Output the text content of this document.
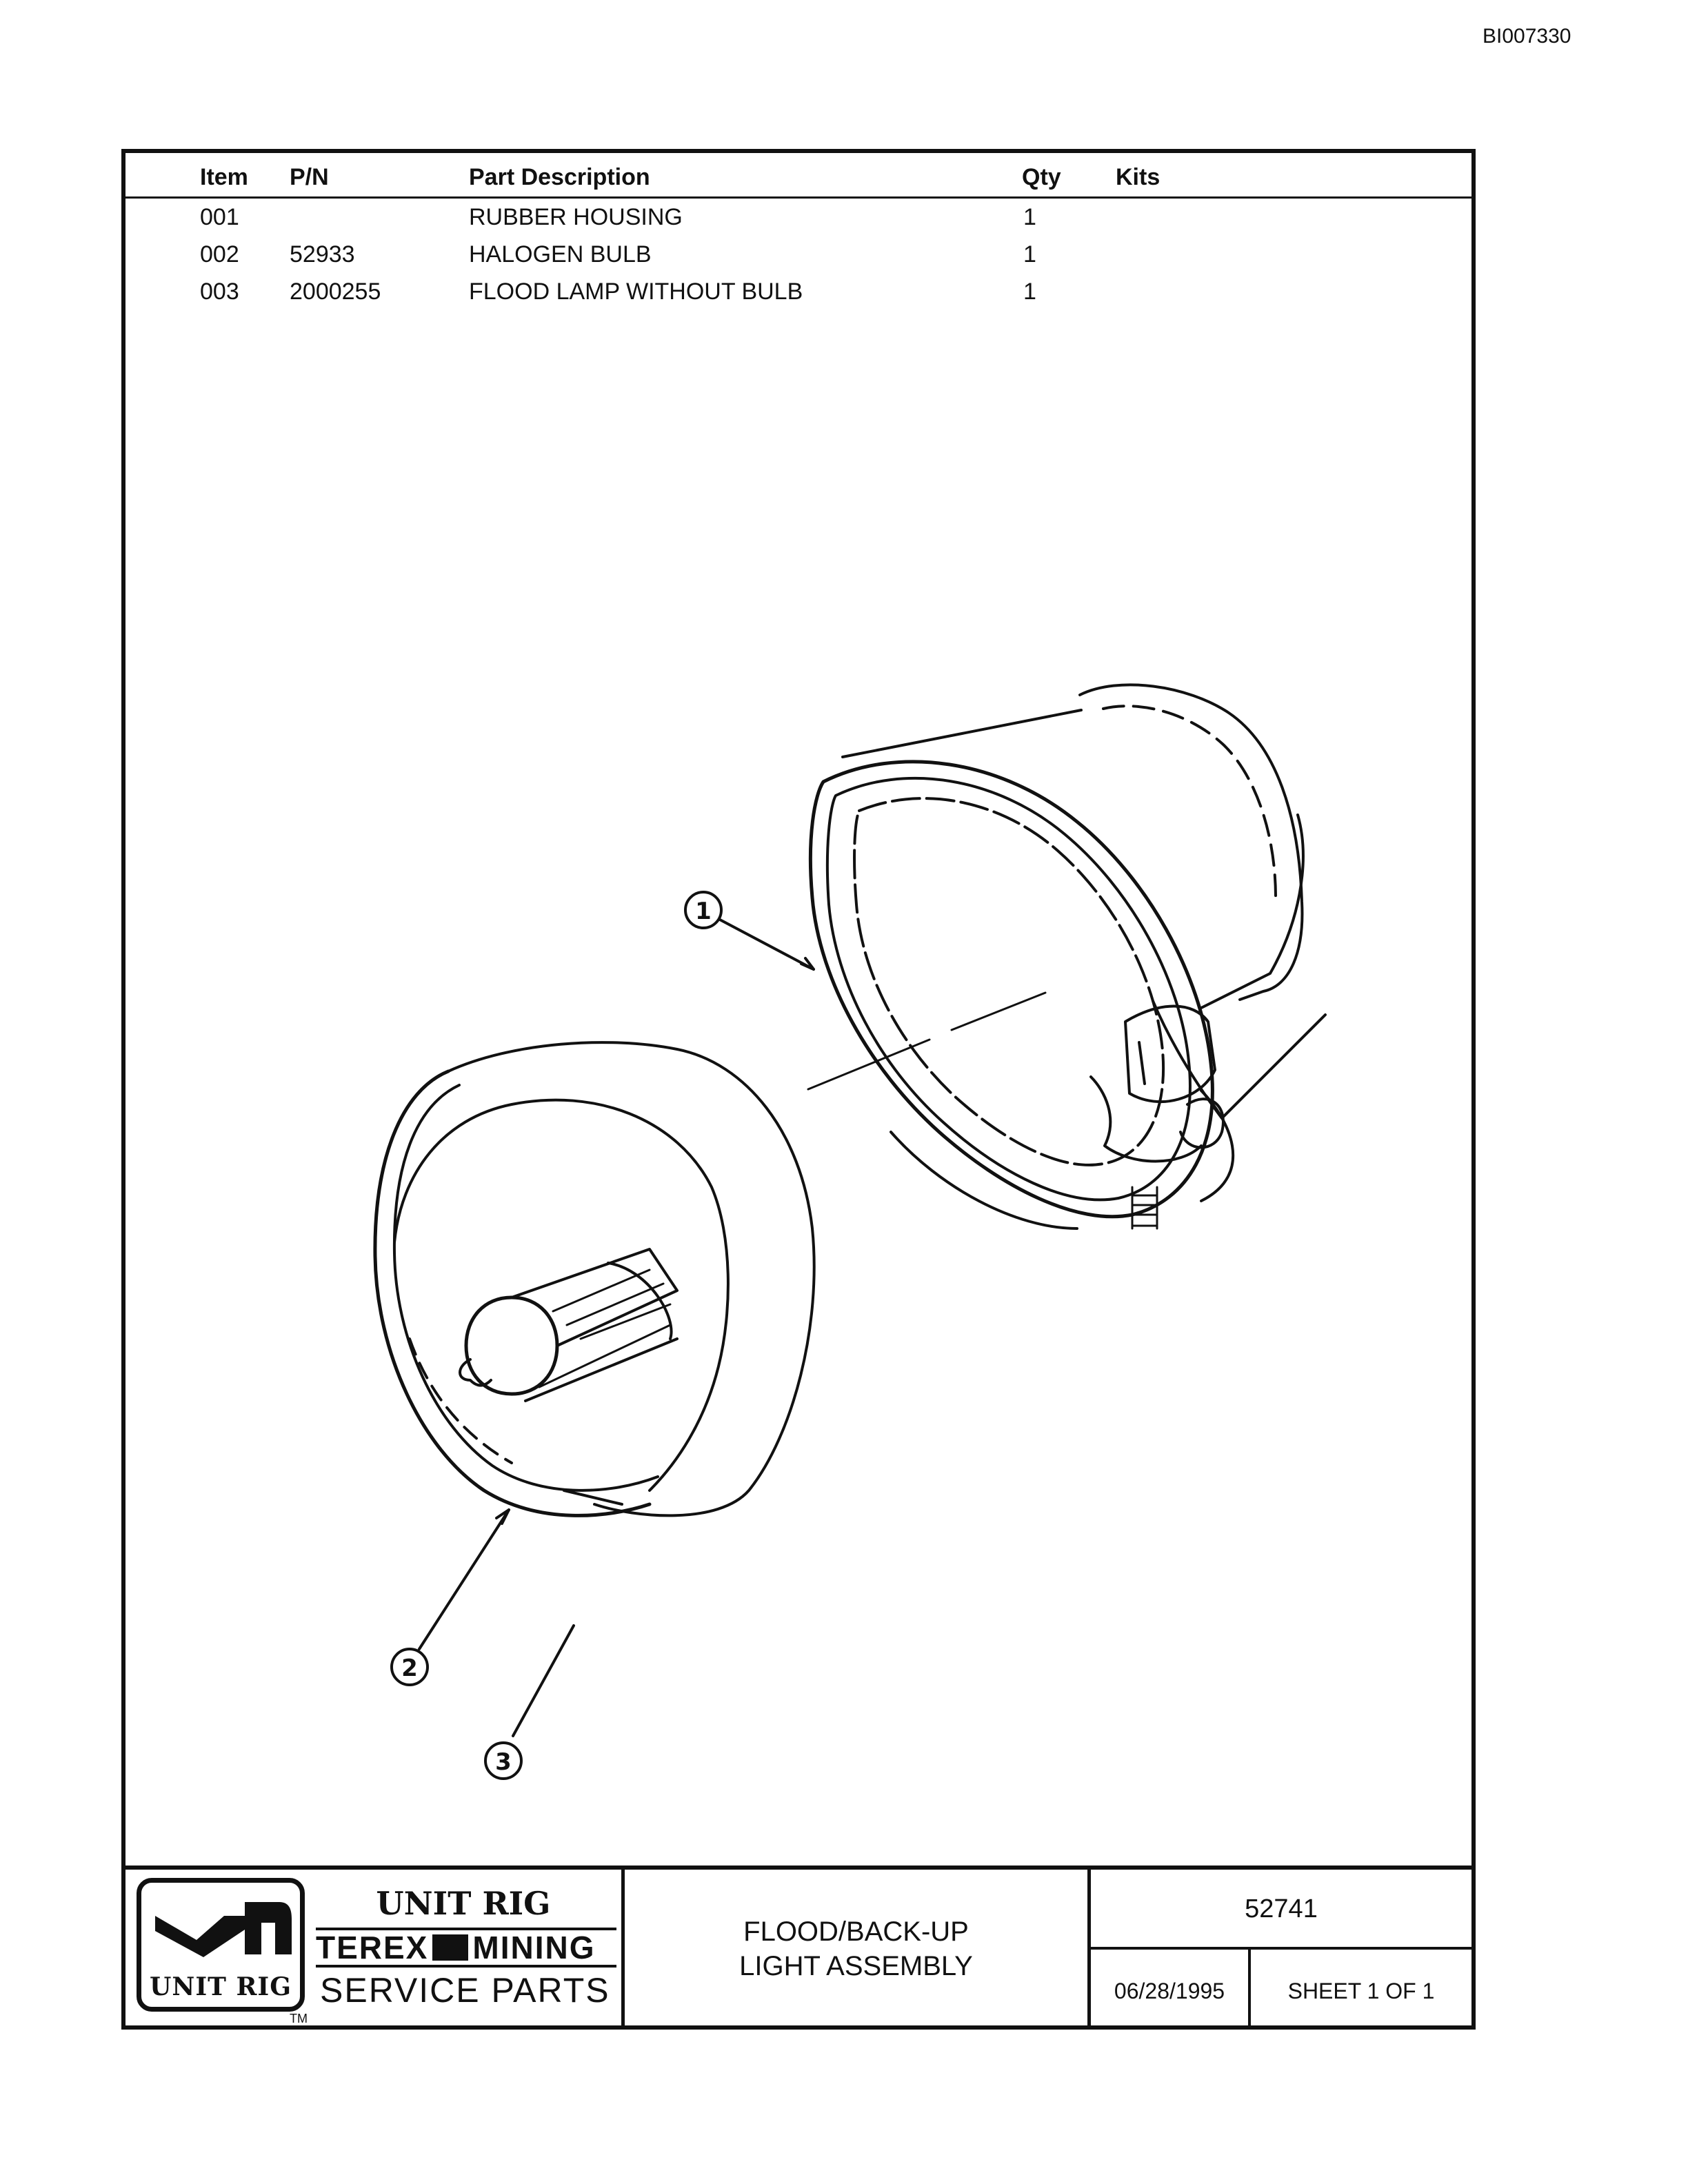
BI007330
Item P/N	Part Description	Qty Kits
001	RUBBER HOUSING	1
002 52933	HALOGEN BULB	1
003 2000255	FLOOD LAMP WITHOUT BULB	1
1
2
3
UNIT RIG
UNIT RIG
TEREX MINING
SERVICE PARTS
TM
FLOOD/BACK-UP
LIGHT ASSEMBLY
52741
06/28/1995	SHEET 1 OF 1
